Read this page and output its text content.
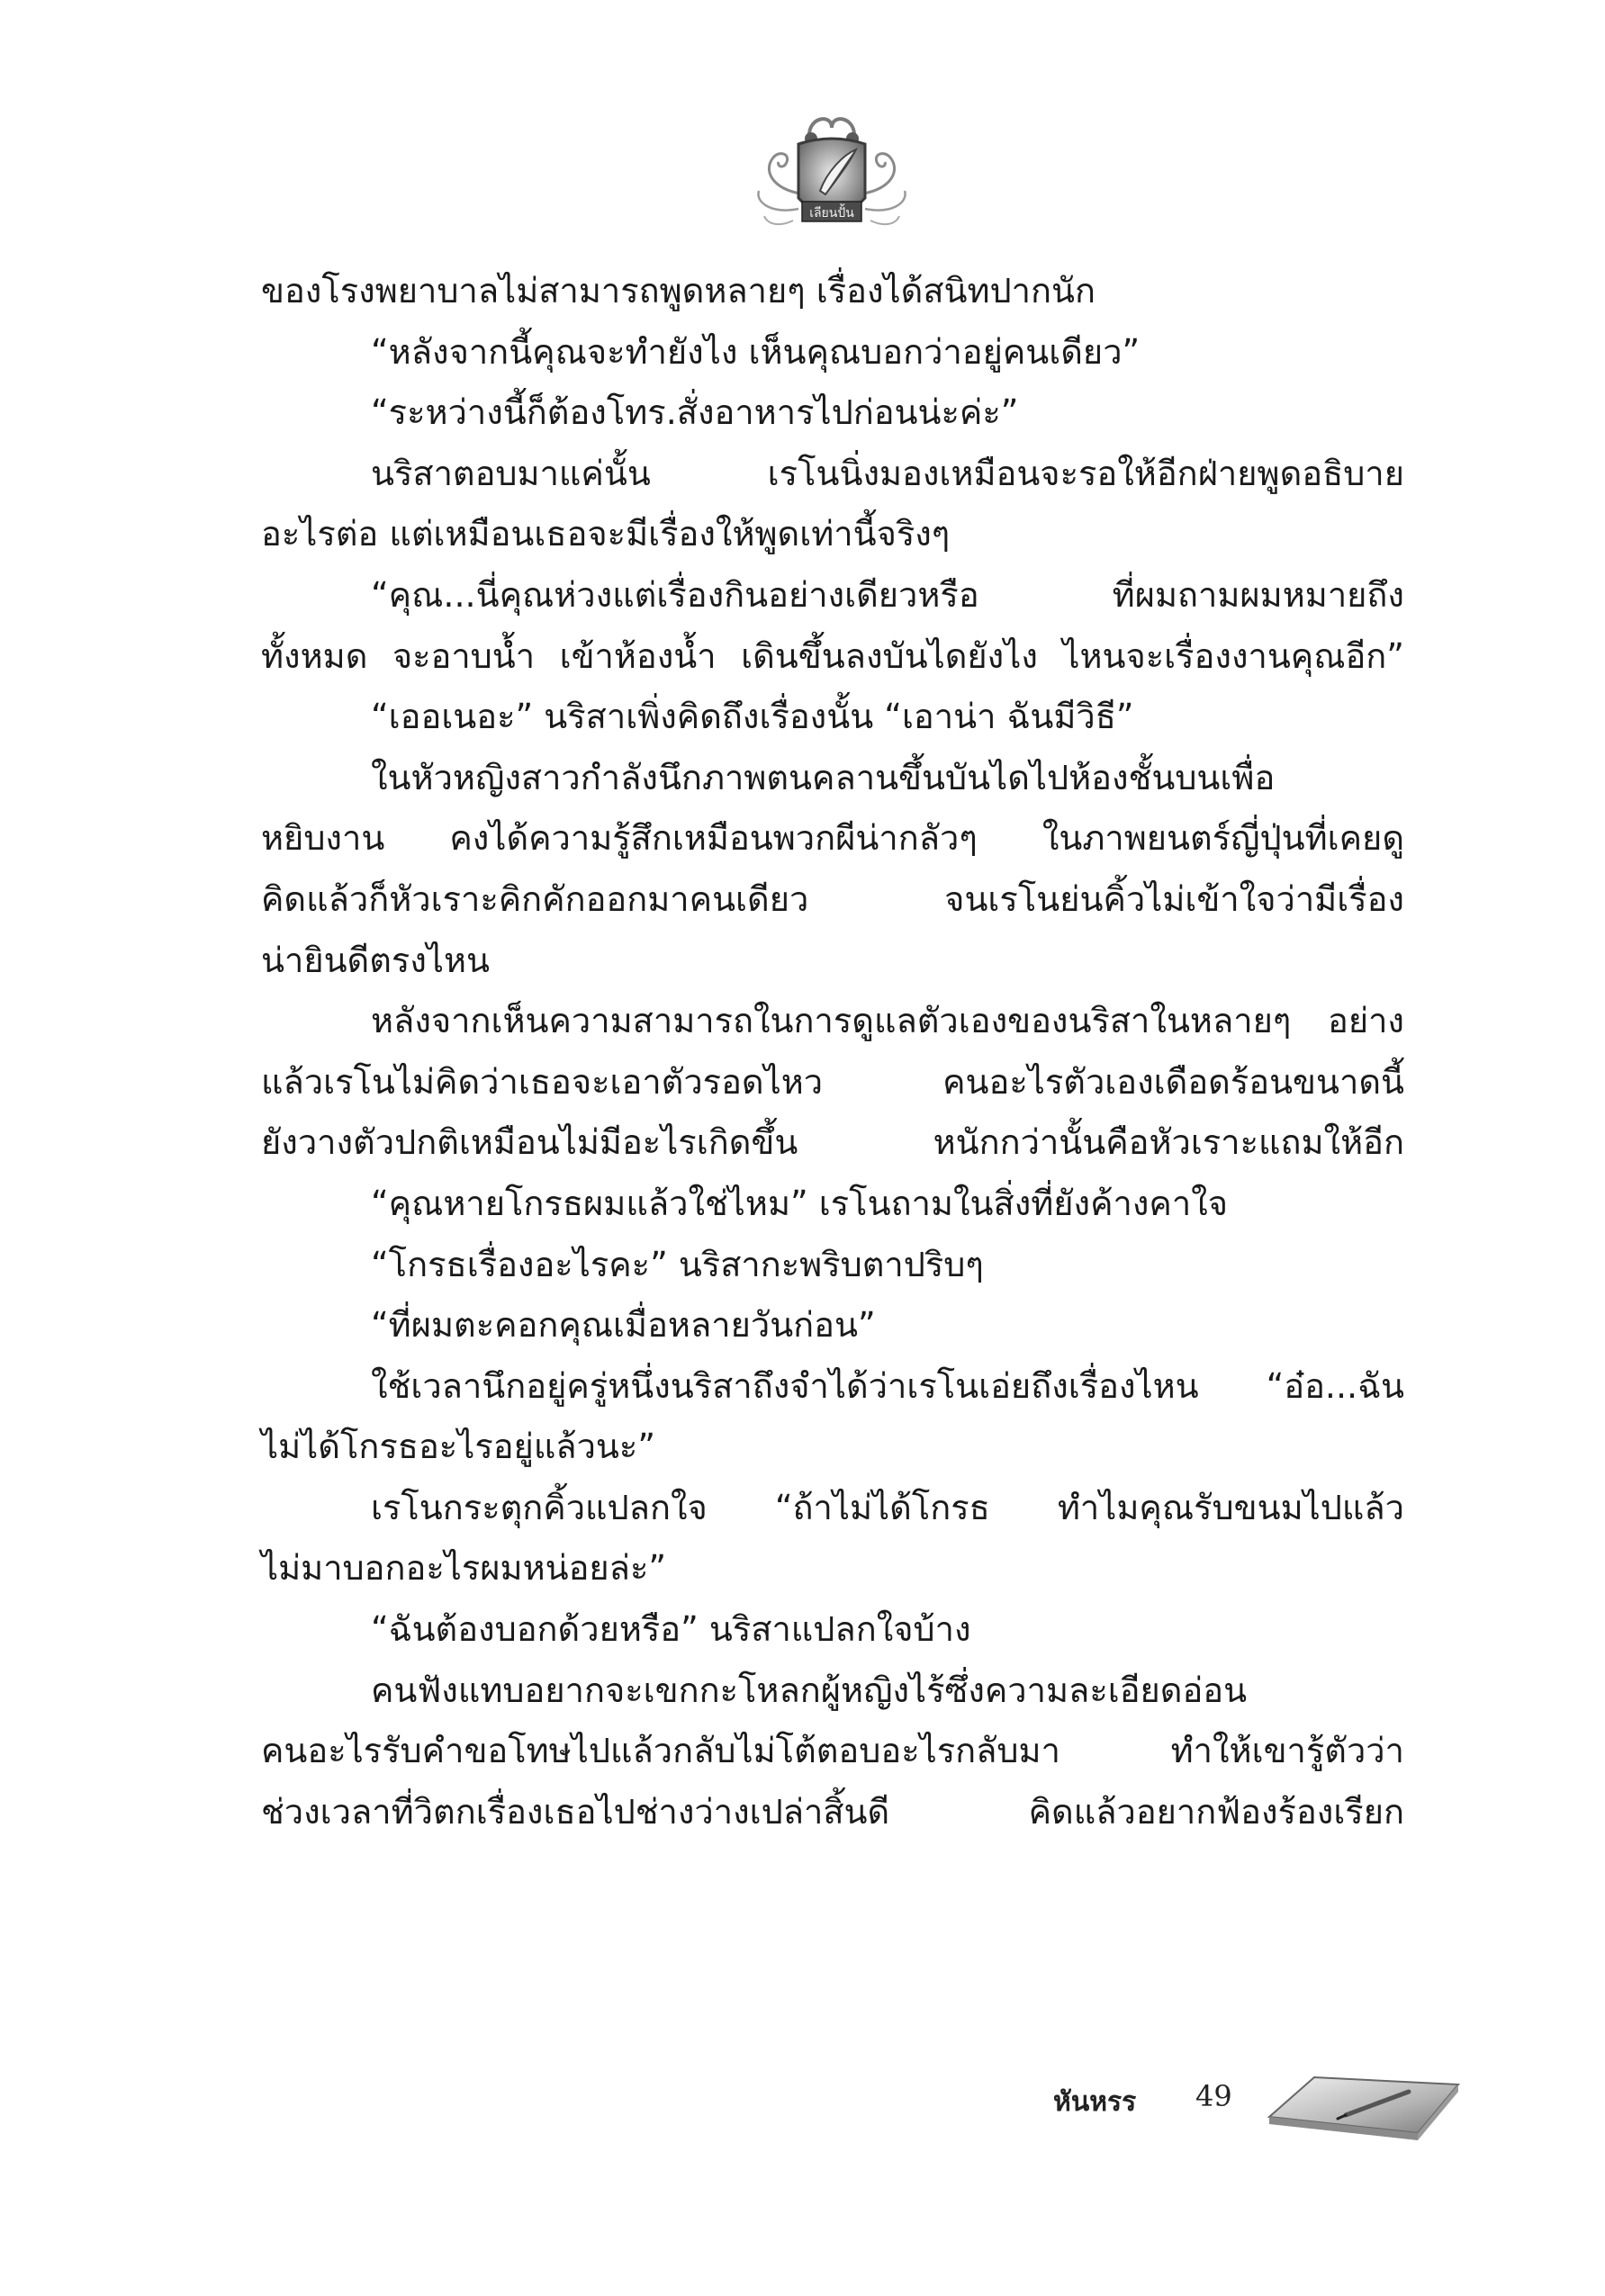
เลียนปั้น
ของโรงพยาบาลไม่สามารถพูดหลายๆ เรื่องได้สนิทปากนัก
“หลังจากนี้คุณจะทำยังไง เห็นคุณบอกว่าอยู่คนเดียว”
“ระหว่างนี้ก็ต้องโทร.สั่งอาหารไปก่อนน่ะค่ะ”
นริสาตอบมาแค่นั้น เรโนนิ่งมองเหมือนจะรอให้อีกฝ่ายพูดอธิบาย
อะไรต่อ แต่เหมือนเธอจะมีเรื่องให้พูดเท่านี้จริงๆ
“คุณ...นี่คุณห่วงแต่เรื่องกินอย่างเดียวหรือ ที่ผมถามผมหมายถึง
ทั้งหมด จะอาบน้ำ เข้าห้องน้ำ เดินขึ้นลงบันไดยังไง ไหนจะเรื่องงานคุณอีก”
“เออเนอะ” นริสาเพิ่งคิดถึงเรื่องนั้น “เอาน่า ฉันมีวิธี”
ในหัวหญิงสาวกำลังนึกภาพตนคลานขึ้นบันไดไปห้องชั้นบนเพื่อ
หยิบงาน คงได้ความรู้สึกเหมือนพวกผีน่ากลัวๆ ในภาพยนตร์ญี่ปุ่นที่เคยดู
คิดแล้วก็หัวเราะคิกคักออกมาคนเดียว จนเรโนย่นคิ้วไม่เข้าใจว่ามีเรื่อง
น่ายินดีตรงไหน
หลังจากเห็นความสามารถในการดูแลตัวเองของนริสาในหลายๆ อย่าง
แล้วเรโนไม่คิดว่าเธอจะเอาตัวรอดไหว คนอะไรตัวเองเดือดร้อนขนาดนี้
ยังวางตัวปกติเหมือนไม่มีอะไรเกิดขึ้น หนักกว่านั้นคือหัวเราะแถมให้อีก
“คุณหายโกรธผมแล้วใช่ไหม” เรโนถามในสิ่งที่ยังค้างคาใจ
“โกรธเรื่องอะไรคะ” นริสากะพริบตาปริบๆ
“ที่ผมตะคอกคุณเมื่อหลายวันก่อน”
ใช้เวลานึกอยู่ครู่หนึ่งนริสาถึงจำได้ว่าเรโนเอ่ยถึงเรื่องไหน “อ๋อ...ฉัน
ไม่ได้โกรธอะไรอยู่แล้วนะ”
เรโนกระตุกคิ้วแปลกใจ “ถ้าไม่ได้โกรธ ทำไมคุณรับขนมไปแล้ว
ไม่มาบอกอะไรผมหน่อยล่ะ”
“ฉันต้องบอกด้วยหรือ” นริสาแปลกใจบ้าง
คนฟังแทบอยากจะเขกกะโหลกผู้หญิงไร้ซึ่งความละเอียดอ่อน
คนอะไรรับคำขอโทษไปแล้วกลับไม่โต้ตอบอะไรกลับมา ทำให้เขารู้ตัวว่า
ช่วงเวลาที่วิตกเรื่องเธอไปช่างว่างเปล่าสิ้นดี คิดแล้วอยากฟ้องร้องเรียก
หันหรร 49
